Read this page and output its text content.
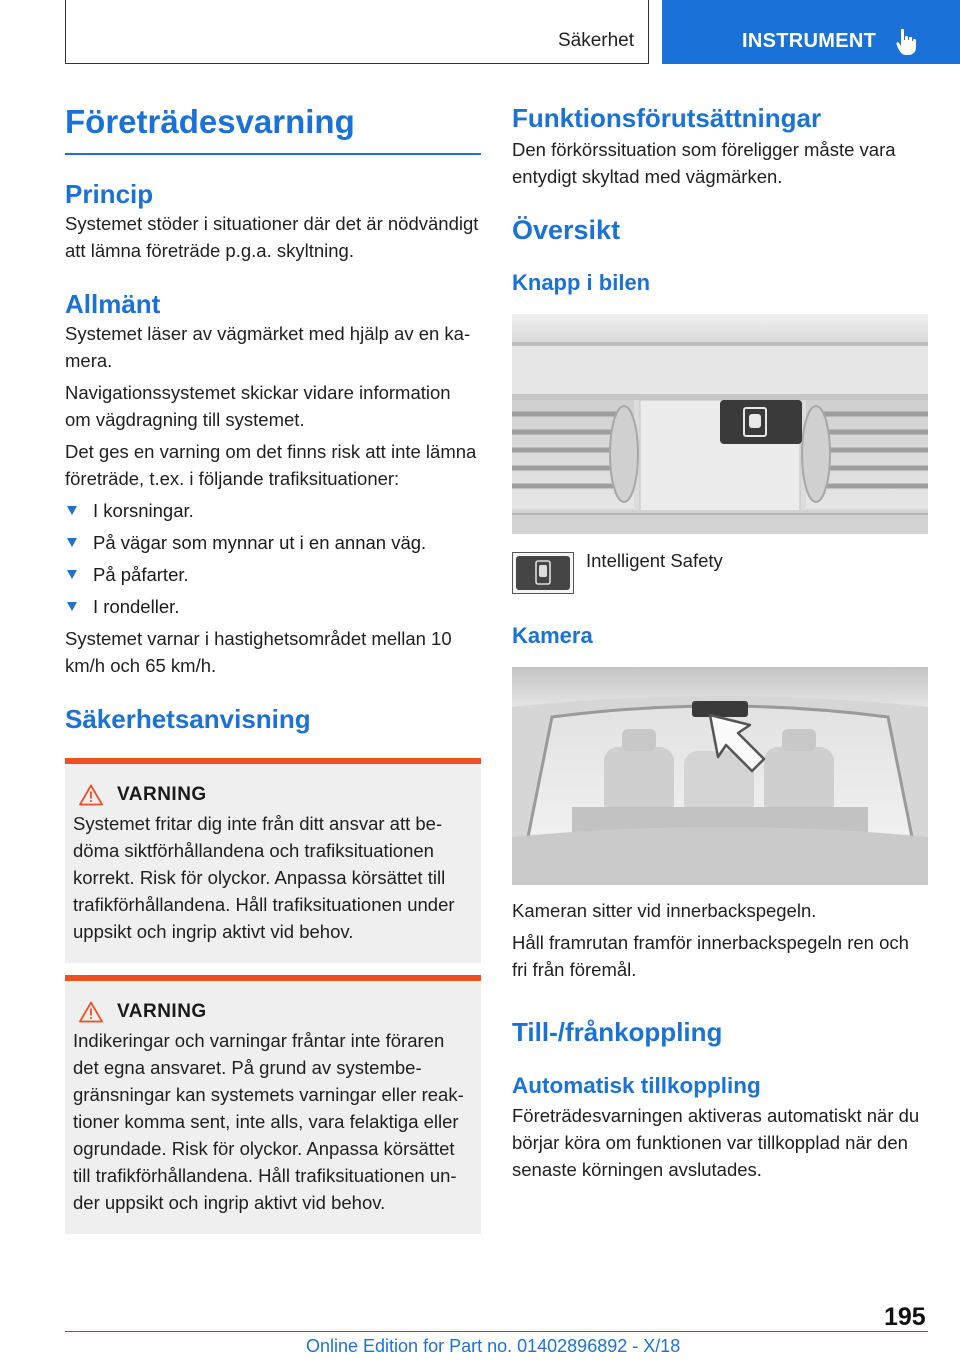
Säkerhet	INSTRUMENT
Företrädesvarning
Princip

Systemet stöder i situationer där det är nödvändigt att lämna företräde p.g.a. skyltning.

Allmänt

Systemet läser av vägmärket med hjälp av en kamera.

Navigationssystemet skickar vidare information om vägdragning till systemet.

Det ges en varning om det finns risk att inte lämna företräde, t.ex. i följande trafiksituationer:

I korsningar.
På vägar som mynnar ut i en annan väg.
På påfarter.
I rondeller.

Systemet varnar i hastighetsområdet mellan 10 km/h och 65 km/h.

Säkerhetsanvisning
VARNING

Systemet fritar dig inte från ditt ansvar att bedöma siktförhållandena och trafiksituationen korrekt. Risk för olyckor. Anpassa körsättet till trafikförhållandena. Håll trafiksituationen under uppsikt och ingrip aktivt vid behov.

VARNING

Indikeringar och varningar fråntar inte föraren det egna ansvaret. På grund av systembegränsningar kan systemets varningar eller reaktioner komma sent, inte alls, vara felaktiga eller ogrundade. Risk för olyckor. Anpassa körsättet till trafikförhållandena. Håll trafiksituationen under uppsikt och ingrip aktivt vid behov.

Funktionsförutsättningar

Den förkörssituation som föreligger måste vara entydigt skyltad med vägmärken.

Översikt
Knapp i bilen

Intelligent Safety

Kamera

Kameran sitter vid innerbackspegeln.

Håll framrutan framför innerbackspegeln ren och fri från föremål.

Till-/frånkoppling
Automatisk tillkoppling

Företrädesvarningen aktiveras automatiskt när du börjar köra om funktionen var tillkopplad när den senaste körningen avslutades.

195
Online Edition for Part no. 01402896892 - X/18
